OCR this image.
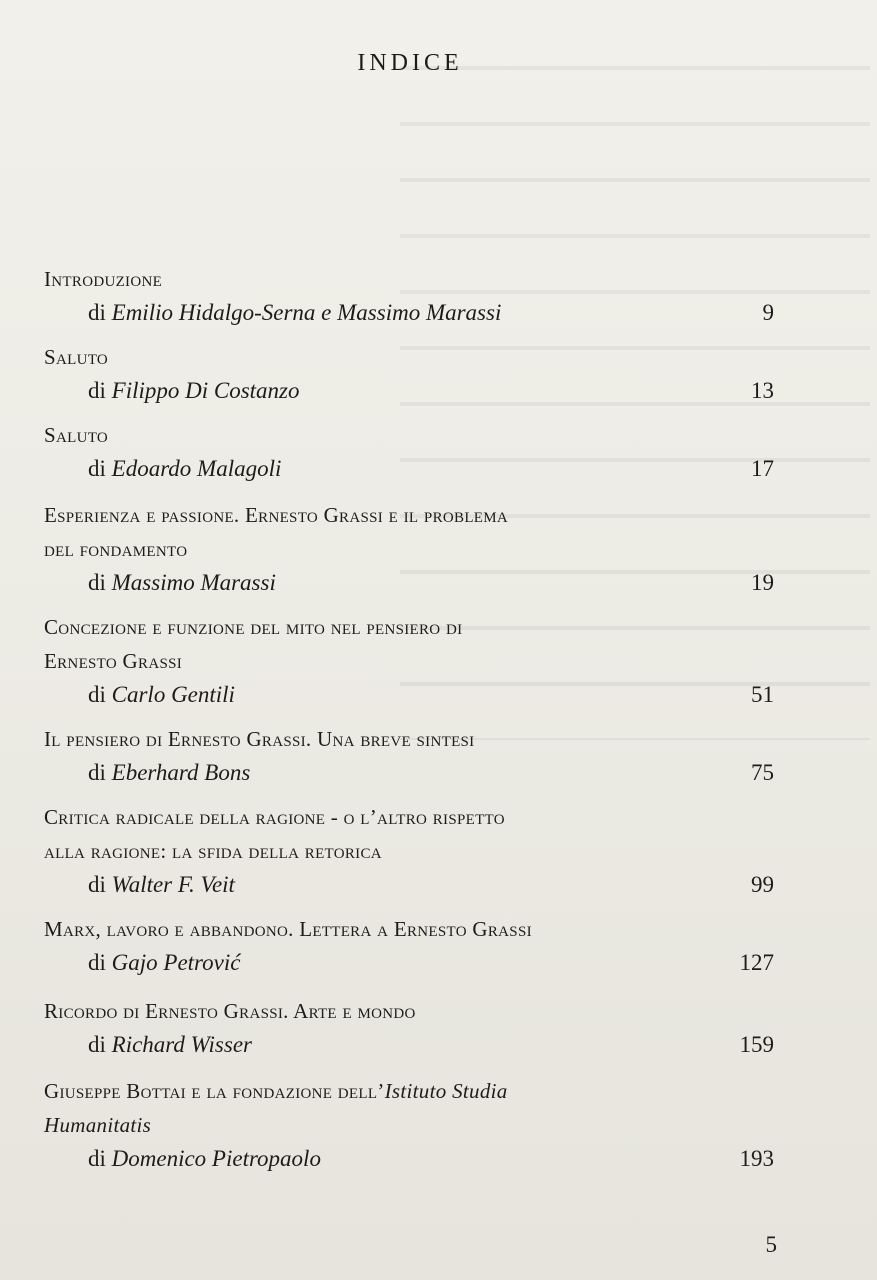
INDICE
Introduzione
di Emilio Hidalgo-Serna e Massimo Marassi	9
Saluto
di Filippo Di Costanzo	13
Saluto
di Edoardo Malagoli	17
Esperienza e passione. Ernesto Grassi e il problema
del fondamento
di Massimo Marassi	19
Concezione e funzione del mito nel pensiero di
Ernesto Grassi
di Carlo Gentili	51
Il pensiero di Ernesto Grassi. Una breve sintesi
di Eberhard Bons	75
Critica radicale della ragione - o l’altro rispetto
alla ragione: la sfida della retorica
di Walter F. Veit	99
Marx, lavoro e abbandono. Lettera a Ernesto Grassi
di Gajo Petrović	127
Ricordo di Ernesto Grassi. Arte e mondo
di Richard Wisser	159
Giuseppe Bottai e la fondazione dell’Istituto Studia
Humanitatis
di Domenico Pietropaolo	193
5
